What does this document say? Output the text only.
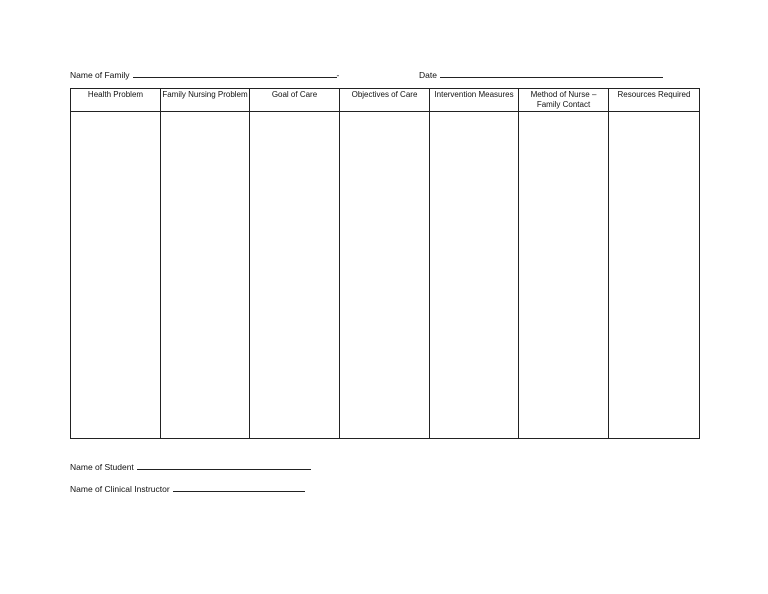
Name of Family	-	Date
Health Problem	Family Nursing Problem	Goal of Care	Objectives of Care	Intervention Measures	Method of Nurse – Family Contact	Resources Required

Name of Student
Name of Clinical Instructor
